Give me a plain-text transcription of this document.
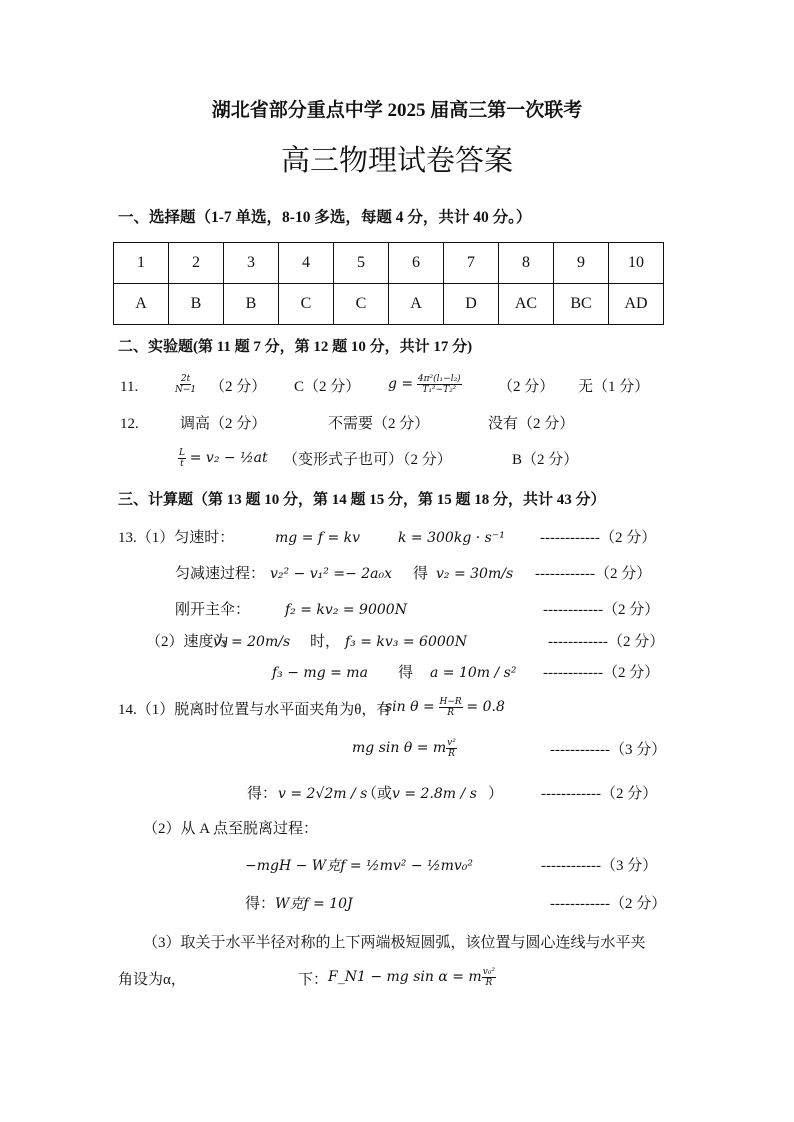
湖北省部分重点中学 2025 届高三第一次联考
高三物理试卷答案
一、选择题（1-7 单选，8-10 多选，每题 4 分，共计 40 分。）
1	2	3	4	5	6	7	8	9	10
A	B	B	C	C	A	D	AC	BC	AD
二、实验题(第 11 题 7 分，第 12 题 10 分，共计 17 分)
11.	$\frac{2t}{N-1} (2$ 分） C（2 分） $g = \frac{\text{4π²(l₁−l₂)}}{\text{T₁²−T₂²}} (2$ 分） 无（1 分）
12.	调高（2 分）	不需要（2 分）	没有（2 分）
$\frac{L}{t} = v_2$ − ½at （变形式子也可）（2 分）	B（2 分）
三、计算题（第 13 题 10 分，第 14 题 15 分，第 15 题 18 分，共计 43 分）
13.（1）匀速时：	mg = f = kv	k = 300kg · s⁻¹ ------------（2 分）
匀减速过程： v₂² − v₁² =− 2a₀x 得 v₂ = 30m/s ------------（2 分）
刚开主伞： f₂ = kv₂ = 9000N	------------（2 分）
（2）速度为
v₃ = 20m/s 时， f₃ = kv₃ = 6000N	------------（2 分）
f₃ − mg = ma 得 a = 10m / s² ------------（2 分）
14.（1）脱离时位置与水平面夹角为θ，有
$\sin \theta = \frac{H-R}{R} = 0.8$
mg sin θ = m $\frac{\text{v²}}{R}$	------------（3 分）
得： v = 2√2m / s
（或 v = 2.8m / s ）	------------（2 分）
（2）从 A 点至脱离过程：
−mgH − W克f = ½mv² − ½mv₀²	------------（3 分）
得： W克f = 10J	------------（2 分）
（3）取关于水平半径对称的上下两端极短圆弧，该位置与圆心连线与水平夹
角设为α，	下： F_N1 − mg sin α = m $\frac{\text{v₀²}}{R}$
